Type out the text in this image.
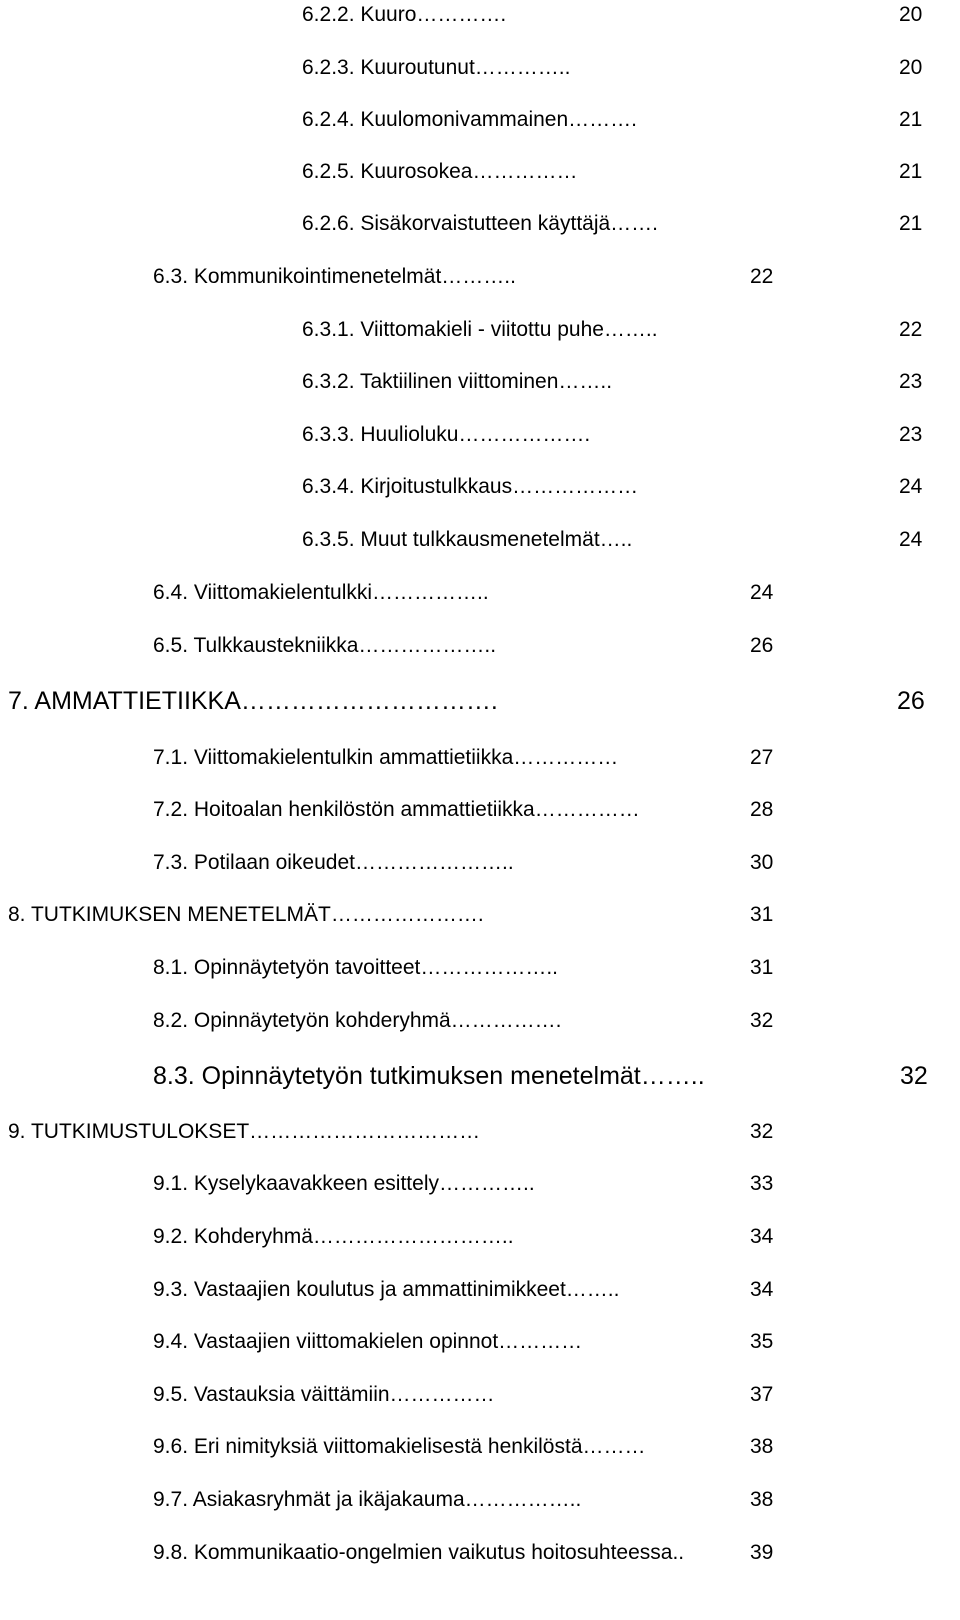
6.2.2. Kuuro………….	20
6.2.3. Kuuroutunut…………..	20
6.2.4. Kuulomonivammainen……….	21
6.2.5. Kuurosokea……………	21
6.2.6. Sisäkorvaistutteen käyttäjä…….	21
6.3. Kommunikointimenetelmät………..	22
6.3.1. Viittomakieli - viitottu puhe……..	22
6.3.2. Taktiilinen viittominen……..	23
6.3.3. Huulioluku……………….	23
6.3.4. Kirjoitustulkkaus………………	24
6.3.5. Muut tulkkausmenetelmät…..	24
6.4. Viittomakielentulkki……………..	24
6.5. Tulkkaustekniikka………………..	26
7. AMMATTIETIIKKA………………………….	26
7.1. Viittomakielentulkin ammattietiikka……………	27
7.2. Hoitoalan henkilöstön ammattietiikka……………	28
7.3. Potilaan oikeudet…………………..	30
8. TUTKIMUKSEN MENETELMÄT………………….	31
8.1. Opinnäytetyön tavoitteet………………..	31
8.2. Opinnäytetyön kohderyhmä…………….	32
8.3. Opinnäytetyön tutkimuksen menetelmät……..	32
9. TUTKIMUSTULOKSET……………………………	32
9.1. Kyselykaavakkeen esittely…………..	33
9.2. Kohderyhmä………………………..	34
9.3. Vastaajien koulutus ja ammattinimikkeet……..	34
9.4. Vastaajien viittomakielen opinnot…………	35
9.5. Vastauksia väittämiin……………	37
9.6. Eri nimityksiä viittomakielisestä henkilöstä………	38
9.7. Asiakasryhmät ja ikäjakauma……………..	38
9.8. Kommunikaatio-ongelmien vaikutus hoitosuhteessa..	39
